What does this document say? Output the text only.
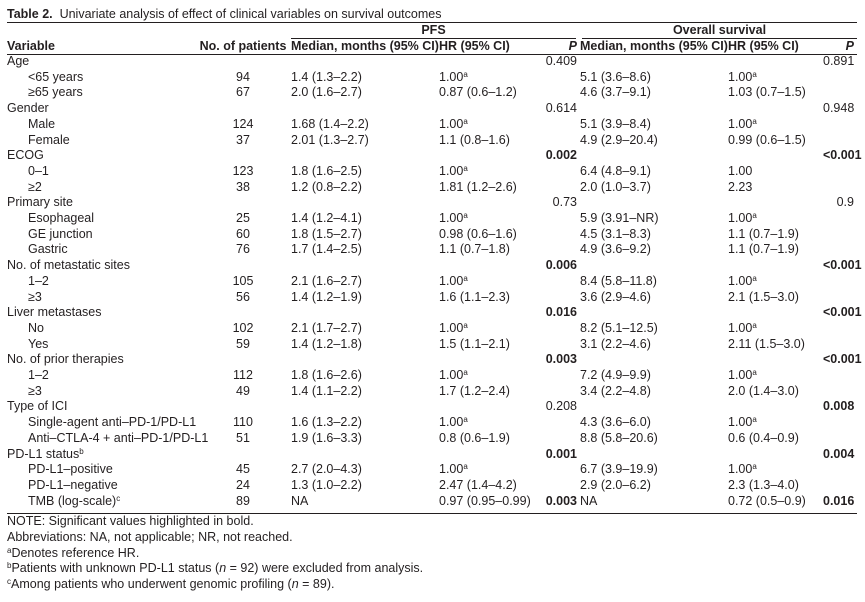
Table 2. Univariate analysis of effect of clinical variables on survival outcomes
PFS	Overall survival
Variable	No. of patients	Median, months (95% CI)	HR (95% CI)	P	Median, months (95% CI)	HR (95% CI)	P
Age				0.409			0.891
<65 years	94	1.4 (1.3–2.2)	1.00$^a$		5.1 (3.6–8.6)	1.00$^a$	
≥65 years	67	2.0 (1.6–2.7)	0.87 (0.6–1.2)		4.6 (3.7–9.1)	1.03 (0.7–1.5)	
Gender				0.614			0.948
Male	124	1.68 (1.4–2.2)	1.00$^a$		5.1 (3.9–8.4)	1.00$^a$	
Female	37	2.01 (1.3–2.7)	1.1 (0.8–1.6)		4.9 (2.9–20.4)	0.99 (0.6–1.5)	
ECOG				0.002			<0.001
0–1	123	1.8 (1.6–2.5)	1.00$^a$		6.4 (4.8–9.1)	1.00	
≥2	38	1.2 (0.8–2.2)	1.81 (1.2–2.6)		2.0 (1.0–3.7)	2.23	
Primary site				0.73			0.9
Esophageal	25	1.4 (1.2–4.1)	1.00$^a$		5.9 (3.91–NR)	1.00$^a$	
GE junction	60	1.8 (1.5–2.7)	0.98 (0.6–1.6)		4.5 (3.1–8.3)	1.1 (0.7–1.9)	
Gastric	76	1.7 (1.4–2.5)	1.1 (0.7–1.8)		4.9 (3.6–9.2)	1.1 (0.7–1.9)	
No. of metastatic sites				0.006			<0.001
1–2	105	2.1 (1.6–2.7)	1.00$^a$		8.4 (5.8–11.8)	1.00$^a$	
≥3	56	1.4 (1.2–1.9)	1.6 (1.1–2.3)		3.6 (2.9–4.6)	2.1 (1.5–3.0)	
Liver metastases				0.016			<0.001
No	102	2.1 (1.7–2.7)	1.00$^a$		8.2 (5.1–12.5)	1.00$^a$	
Yes	59	1.4 (1.2–1.8)	1.5 (1.1–2.1)		3.1 (2.2–4.6)	2.11 (1.5–3.0)	
No. of prior therapies				0.003			<0.001
1–2	112	1.8 (1.6–2.6)	1.00$^a$		7.2 (4.9–9.9)	1.00$^a$	
≥3	49	1.4 (1.1–2.2)	1.7 (1.2–2.4)		3.4 (2.2–4.8)	2.0 (1.4–3.0)	
Type of ICI				0.208			0.008
Single-agent anti–PD-1/PD-L1	110	1.6 (1.3–2.2)	1.00$^a$		4.3 (3.6–6.0)	1.00$^a$	
Anti–CTLA-4 + anti–PD-1/PD-L1	51	1.9 (1.6–3.3)	0.8 (0.6–1.9)		8.8 (5.8–20.6)	0.6 (0.4–0.9)	
PD-L1 status$^b$				0.001			0.004
PD-L1–positive	45	2.7 (2.0–4.3)	1.00$^a$		6.7 (3.9–19.9)	1.00$^a$	
PD-L1–negative	24	1.3 (1.0–2.2)	2.47 (1.4–4.2)		2.9 (2.0–6.2)	2.3 (1.3–4.0)	
TMB (log-scale)$^c$	89	NA	0.97 (0.95–0.99)	0.003	NA	0.72 (0.5–0.9)	0.016
NOTE: Significant values highlighted in bold.
Abbreviations: NA, not applicable; NR, not reached.
$^a$Denotes reference HR.
$^b$Patients with unknown PD-L1 status (n = 92) were excluded from analysis.
$^c$Among patients who underwent genomic profiling (n = 89).
